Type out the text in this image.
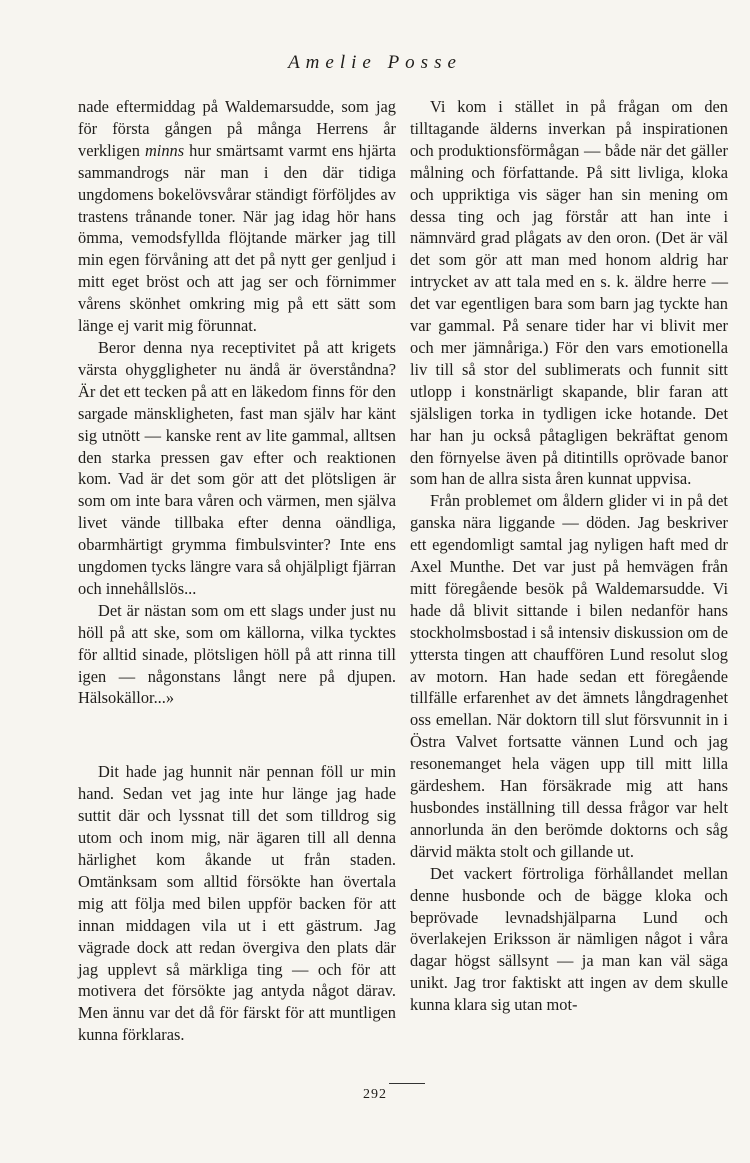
Amelie Posse

nade eftermiddag på Waldemarsudde, som jag för första gången på många Herrens år verkligen minns hur smärtsamt varmt ens hjärta sammandrogs när man i den där tidiga ungdomens bokelövsvårar ständigt förföljdes av trastens trånande toner. När jag idag hör hans ömma, vemodsfyllda flöjtande märker jag till min egen förvåning att det på nytt ger genljud i mitt eget bröst och att jag ser och förnimmer vårens skönhet omkring mig på ett sätt som länge ej varit mig förunnat.

Beror denna nya receptivitet på att krigets värsta ohyggligheter nu ändå är överståndna? Är det ett tecken på att en läkedom finns för den sargade mänskligheten, fast man själv har känt sig utnött — kanske rent av lite gammal, alltsen den starka pressen gav efter och reaktionen kom. Vad är det som gör att det plötsligen är som om inte bara våren och värmen, men själva livet vände tillbaka efter denna oändliga, obarmhärtigt grymma fimbulsvinter? Inte ens ungdomen tycks längre vara så ohjälpligt fjärran och innehållslös...

Det är nästan som om ett slags under just nu höll på att ske, som om källorna, vilka tycktes för alltid sinade, plötsligen höll på att rinna till igen — någonstans långt nere på djupen. Hälsokällor...»

Dit hade jag hunnit när pennan föll ur min hand. Sedan vet jag inte hur länge jag hade suttit där och lyssnat till det som tilldrog sig utom och inom mig, när ägaren till all denna härlighet kom åkande ut från staden. Omtänksam som alltid försökte han övertala mig att följa med bilen uppför backen för att innan middagen vila ut i ett gästrum. Jag vägrade dock att redan övergiva den plats där jag upplevt så märkliga ting — och för att motivera det försökte jag antyda något därav. Men ännu var det då för färskt för att muntligen kunna förklaras.

Vi kom i stället in på frågan om den tilltagande älderns inverkan på inspirationen och produktionsförmågan — både när det gäller målning och författande. På sitt livliga, kloka och uppriktiga vis säger han sin mening om dessa ting och jag förstår att han inte i nämnvärd grad plågats av den oron. (Det är väl det som gör att man med honom aldrig har intrycket av att tala med en s. k. äldre herre — det var egentligen bara som barn jag tyckte han var gammal. På senare tider har vi blivit mer och mer jämnåriga.) För den vars emotionella liv till så stor del sublimerats och funnit sitt utlopp i konstnärligt skapande, blir faran att själsligen torka in tydligen icke hotande. Det har han ju också påtagligen bekräftat genom den förnyelse även på ditintills oprövade banor som han de allra sista åren kunnat uppvisa.

Från problemet om åldern glider vi in på det ganska nära liggande — döden. Jag beskriver ett egendomligt samtal jag nyligen haft med dr Axel Munthe. Det var just på hemvägen från mitt föregående besök på Waldemarsudde. Vi hade då blivit sittande i bilen nedanför hans stockholmsbostad i så intensiv diskussion om de yttersta tingen att chauffören Lund resolut slog av motorn. Han hade sedan ett föregående tillfälle erfarenhet av det ämnets långdragenhet oss emellan. När doktorn till slut försvunnit in i Östra Valvet fortsatte vännen Lund och jag resonemanget hela vägen upp till mitt lilla gärdeshem. Han försäkrade mig att hans husbondes inställning till dessa frågor var helt annorlunda än den berömde doktorns och såg därvid mäkta stolt och gillande ut.

Det vackert förtroliga förhållandet mellan denne husbonde och de bägge kloka och beprövade levnadshjälparna Lund och överlakejen Eriksson är nämligen något i våra dagar högst sällsynt — ja man kan väl säga unikt. Jag tror faktiskt att ingen av dem skulle kunna klara sig utan mot-

292
